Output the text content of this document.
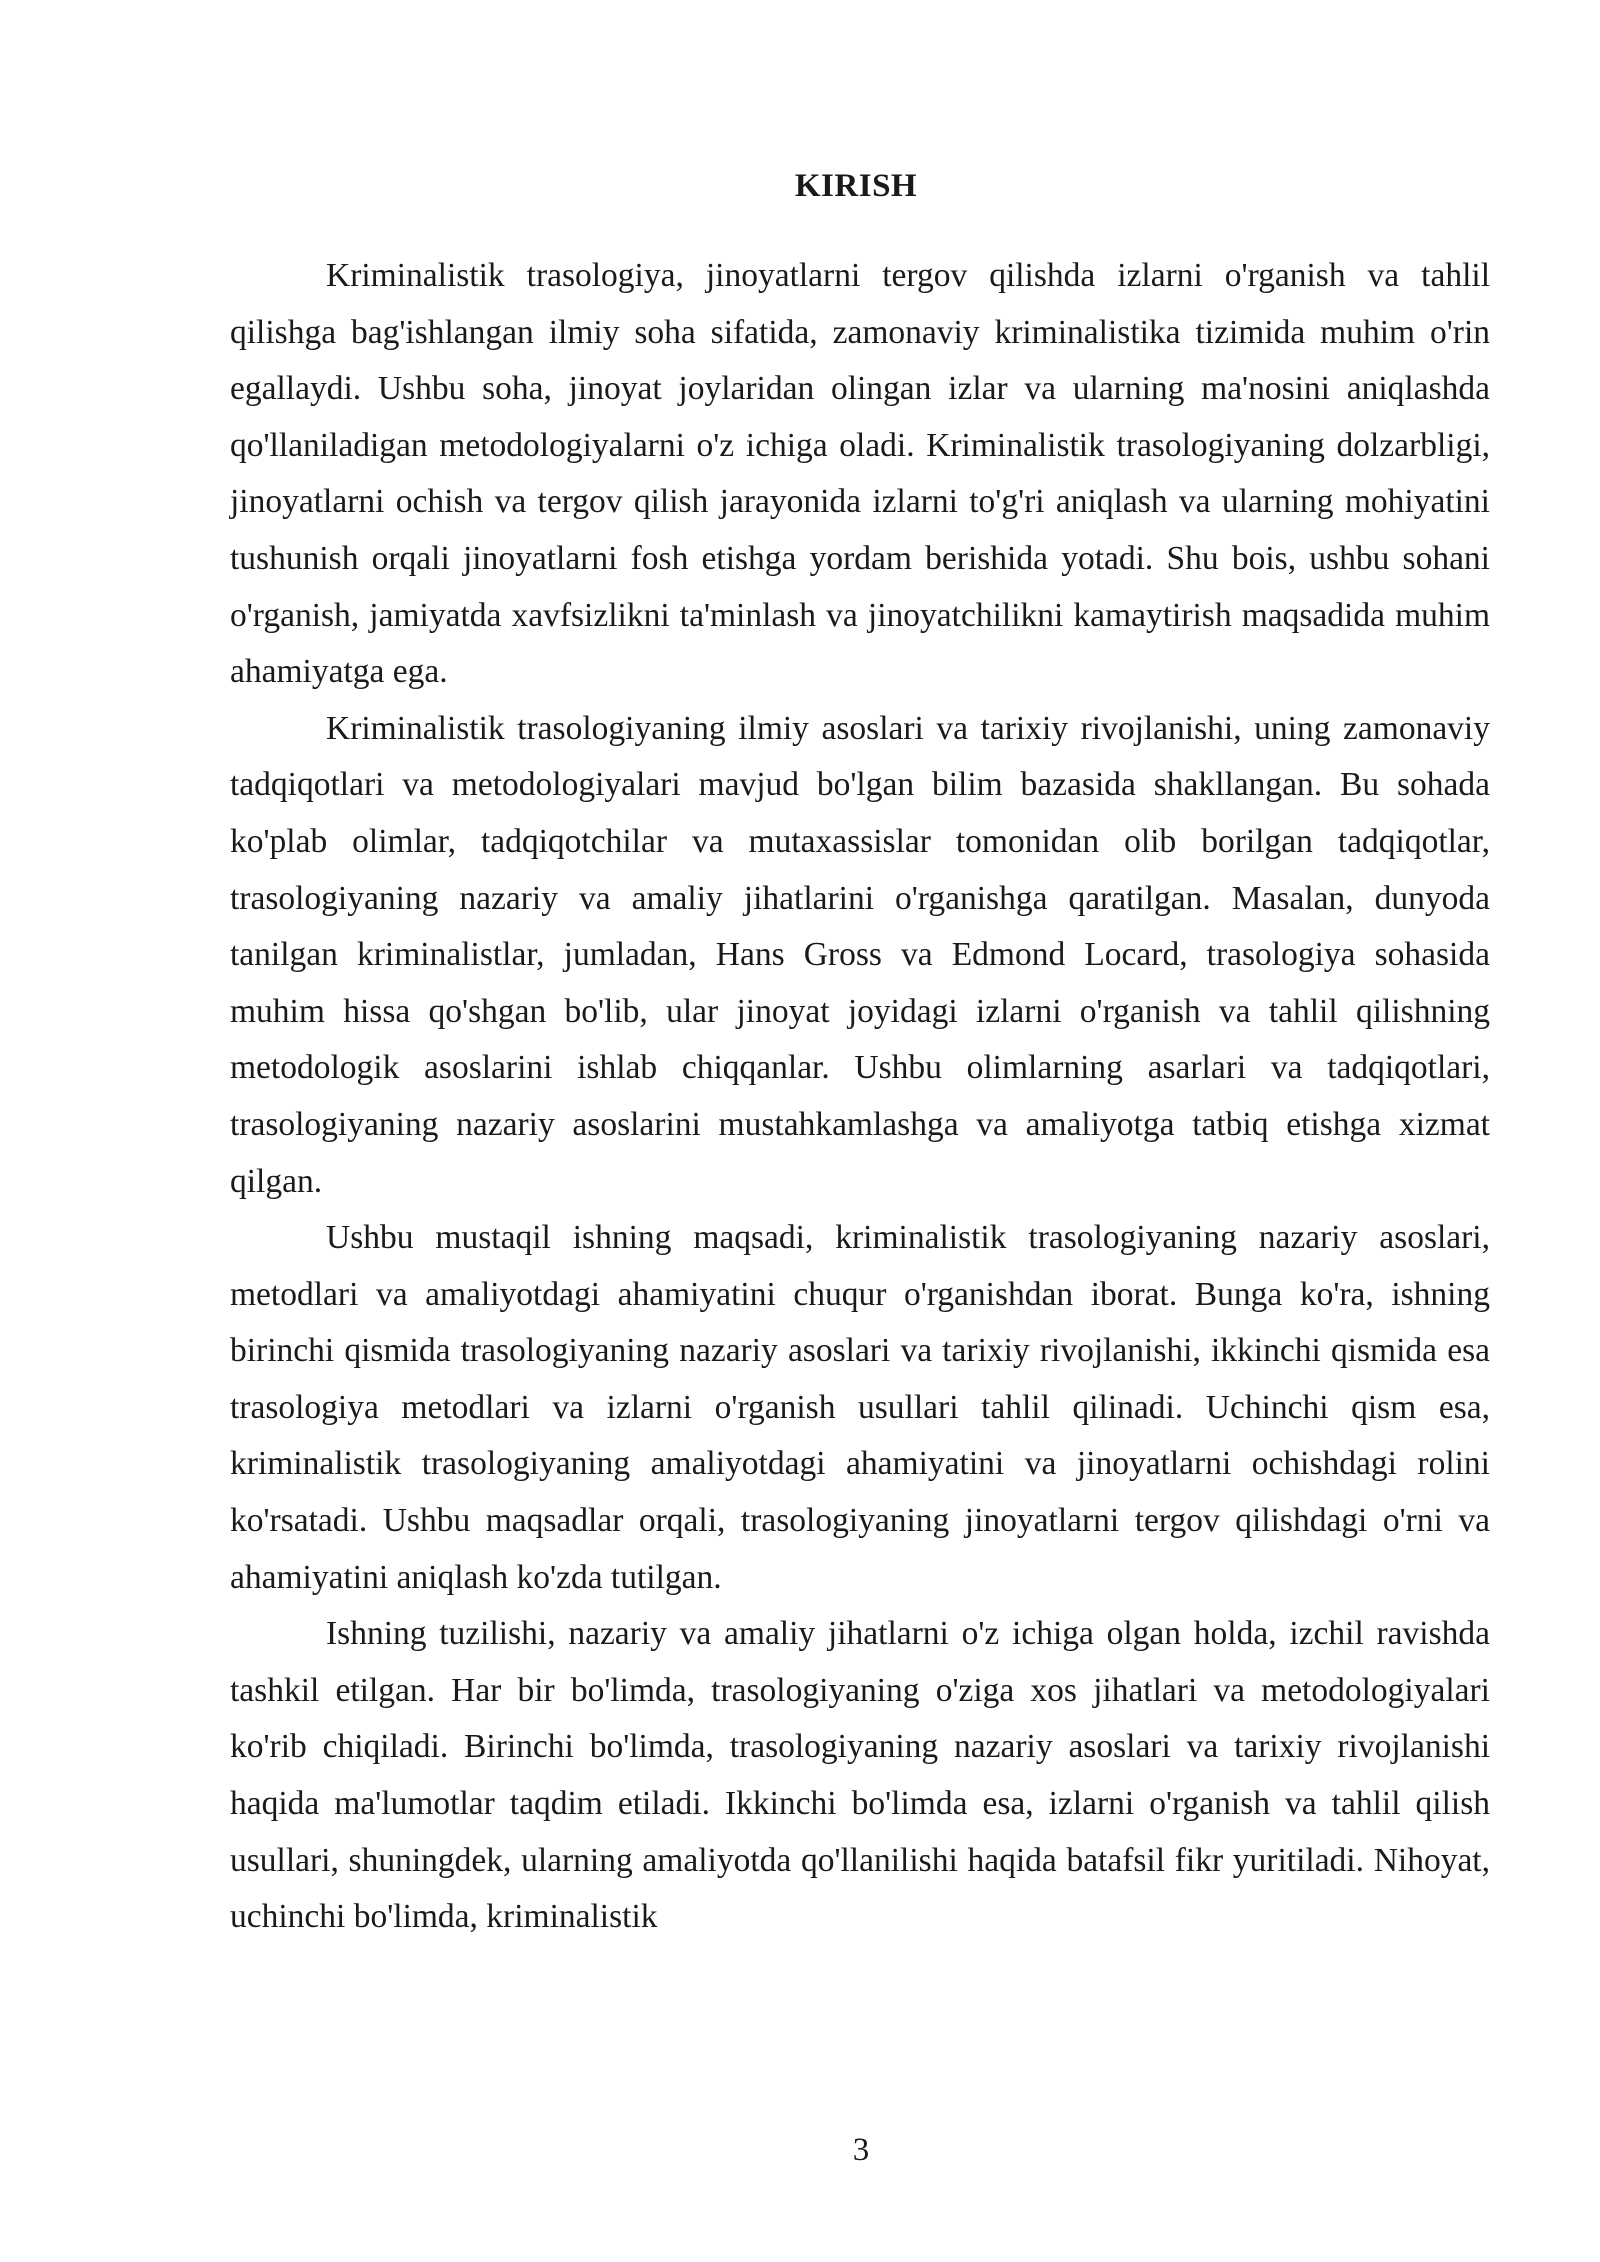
KIRISH

Kriminalistik trasologiya, jinoyatlarni tergov qilishda izlarni o'rganish va tahlil qilishga bag'ishlangan ilmiy soha sifatida, zamonaviy kriminalistika tizimida muhim o'rin egallaydi. Ushbu soha, jinoyat joylaridan olingan izlar va ularning ma'nosini aniqlashda qo'llaniladigan metodologiyalarni o'z ichiga oladi. Kriminalistik trasologiyaning dolzarbligi, jinoyatlarni ochish va tergov qilish jarayonida izlarni to'g'ri aniqlash va ularning mohiyatini tushunish orqali jinoyatlarni fosh etishga yordam berishida yotadi. Shu bois, ushbu sohani o'rganish, jamiyatda xavfsizlikni ta'minlash va jinoyatchilikni kamaytirish maqsadida muhim ahamiyatga ega.

Kriminalistik trasologiyaning ilmiy asoslari va tarixiy rivojlanishi, uning zamonaviy tadqiqotlari va metodologiyalari mavjud bo'lgan bilim bazasida shakllangan. Bu sohada ko'plab olimlar, tadqiqotchilar va mutaxassislar tomonidan olib borilgan tadqiqotlar, trasologiyaning nazariy va amaliy jihatlarini o'rganishga qaratilgan. Masalan, dunyoda tanilgan kriminalistlar, jumladan, Hans Gross va Edmond Locard, trasologiya sohasida muhim hissa qo'shgan bo'lib, ular jinoyat joyidagi izlarni o'rganish va tahlil qilishning metodologik asoslarini ishlab chiqqanlar. Ushbu olimlarning asarlari va tadqiqotlari, trasologiyaning nazariy asoslarini mustahkamlashga va amaliyotga tatbiq etishga xizmat qilgan.

Ushbu mustaqil ishning maqsadi, kriminalistik trasologiyaning nazariy asoslari, metodlari va amaliyotdagi ahamiyatini chuqur o'rganishdan iborat. Bunga ko'ra, ishning birinchi qismida trasologiyaning nazariy asoslari va tarixiy rivojlanishi, ikkinchi qismida esa trasologiya metodlari va izlarni o'rganish usullari tahlil qilinadi. Uchinchi qism esa, kriminalistik trasologiyaning amaliyotdagi ahamiyatini va jinoyatlarni ochishdagi rolini ko'rsatadi. Ushbu maqsadlar orqali, trasologiyaning jinoyatlarni tergov qilishdagi o'rni va ahamiyatini aniqlash ko'zda tutilgan.

Ishning tuzilishi, nazariy va amaliy jihatlarni o'z ichiga olgan holda, izchil ravishda tashkil etilgan. Har bir bo'limda, trasologiyaning o'ziga xos jihatlari va metodologiyalari ko'rib chiqiladi. Birinchi bo'limda, trasologiyaning nazariy asoslari va tarixiy rivojlanishi haqida ma'lumotlar taqdim etiladi. Ikkinchi bo'limda esa, izlarni o'rganish va tahlil qilish usullari, shuningdek, ularning amaliyotda qo'llanilishi haqida batafsil fikr yuritiladi. Nihoyat, uchinchi bo'limda, kriminalistik

3
